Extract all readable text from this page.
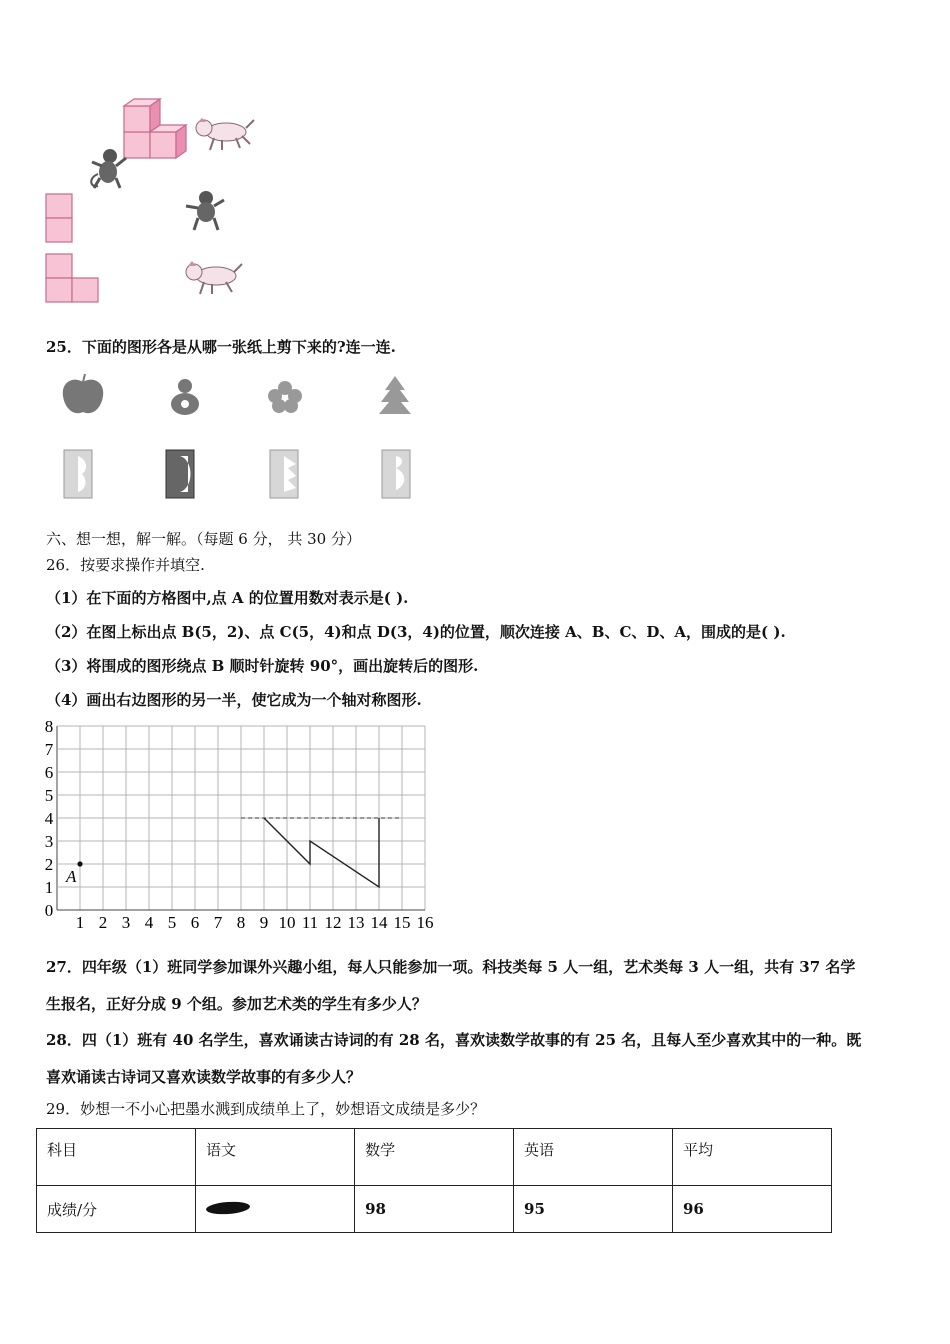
25．下面的图形各是从哪一张纸上剪下来的?连一连.
六、想一想，解一解。（每题 6 分， 共 30 分）
26．按要求操作并填空.
（1）在下面的方格图中,点 A 的位置用数对表示是( ).
（2）在图上标出点 B(5，2)、点 C(5，4)和点 D(3，4)的位置，顺次连接 A、B、C、D、A，围成的是( ).
（3）将围成的图形绕点 B 顺时针旋转 90°，画出旋转后的图形.
（4）画出右边图形的另一半，使它成为一个轴对称图形.
1 2 3 4 5 6 7 8 9 10 11 12 13 14 15 16
0
1
2
3
4
5
6
7
8
A
27．四年级（1）班同学参加课外兴趣小组，每人只能参加一项。科技类每 5 人一组，艺术类每 3 人一组，共有 37 名学
生报名，正好分成 9 个组。参加艺术类的学生有多少人？
28．四（1）班有 40 名学生，喜欢诵读古诗词的有 28 名，喜欢读数学故事的有 25 名，且每人至少喜欢其中的一种。既
喜欢诵读古诗词又喜欢读数学故事的有多少人？
29．妙想一不小心把墨水溅到成绩单上了，妙想语文成绩是多少？
科目	语文	数学	英语	平均
成绩/分		98	95	96
